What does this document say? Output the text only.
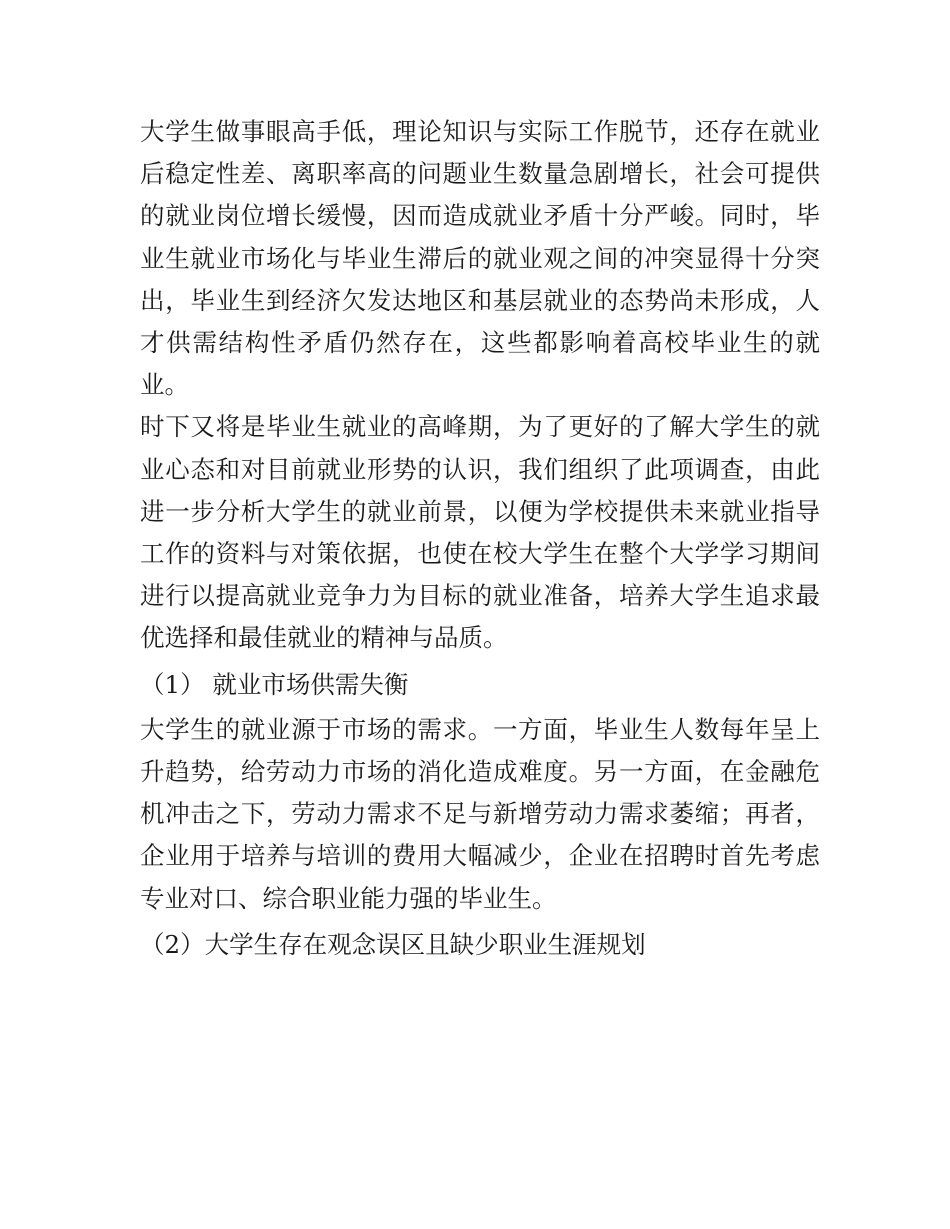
大学生做事眼高手低，理论知识与实际工作脱节，还存在就业后稳定性差、离职率高的问题业生数量急剧增长，社会可提供的就业岗位增长缓慢，因而造成就业矛盾十分严峻。同时，毕业生就业市场化与毕业生滞后的就业观之间的冲突显得十分突出，毕业生到经济欠发达地区和基层就业的态势尚未形成，人才供需结构性矛盾仍然存在，这些都影响着高校毕业生的就业。

时下又将是毕业生就业的高峰期，为了更好的了解大学生的就业心态和对目前就业形势的认识，我们组织了此项调查，由此进一步分析大学生的就业前景，以便为学校提供未来就业指导工作的资料与对策依据，也使在校大学生在整个大学学习期间进行以提高就业竞争力为目标的就业准备，培养大学生追求最优选择和最佳就业的精神与品质。

（1） 就业市场供需失衡

大学生的就业源于市场的需求。一方面，毕业生人数每年呈上升趋势，给劳动力市场的消化造成难度。另一方面，在金融危机冲击之下，劳动力需求不足与新增劳动力需求萎缩；再者，企业用于培养与培训的费用大幅减少，企业在招聘时首先考虑专业对口、综合职业能力强的毕业生。

（2）大学生存在观念误区且缺少职业生涯规划
